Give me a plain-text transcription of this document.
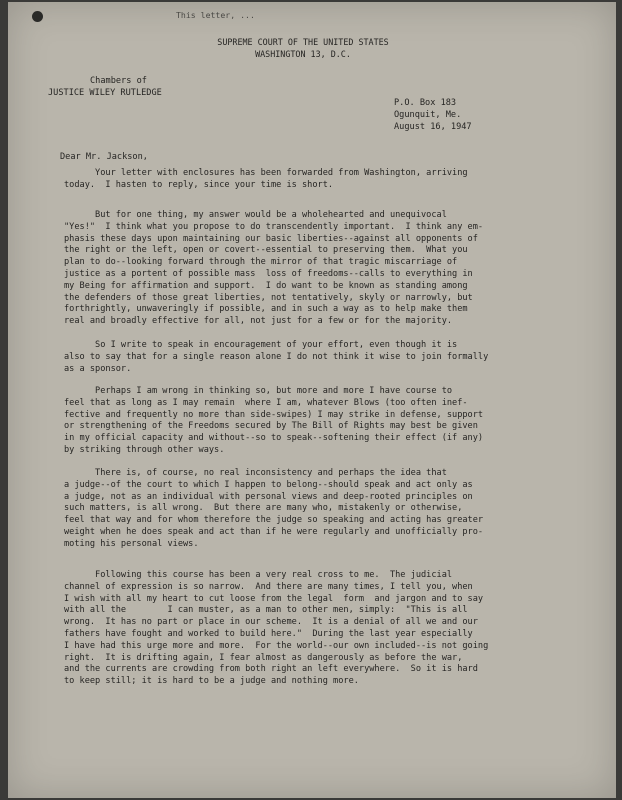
This letter, ...
SUPREME COURT OF THE UNITED STATES
WASHINGTON 13, D.C.
Chambers of
JUSTICE WILEY RUTLEDGE
P.O. Box 183
Ogunquit, Me.
August 16, 1947
Dear Mr. Jackson,
Your letter with enclosures has been forwarded from Washington, arriving
today.  I hasten to reply, since your time is short.
But for one thing, my answer would be a wholehearted and unequivocal
"Yes!"  I think what you propose to do transcendently important.  I think any em-
phasis these days upon maintaining our basic liberties--against all opponents of
the right or the left, open or covert--essential to preserving them.  What you
plan to do--looking forward through the mirror of that tragic miscarriage of
justice as a portent of possible mass  loss of freedoms--calls to everything in
my Being for affirmation and support.  I do want to be known as standing among
the defenders of those great liberties, not tentatively, skyly or narrowly, but
forthrightly, unwaveringly if possible, and in such a way as to help make them
real and broadly effective for all, not just for a few or for the majority.
So I write to speak in encouragement of your effort, even though it is
also to say that for a single reason alone I do not think it wise to join formally
as a sponsor.
Perhaps I am wrong in thinking so, but more and more I have course to
feel that as long as I may remain  where I am, whatever Blows (too often inef-
fective and frequently no more than side-swipes) I may strike in defense, support
or strengthening of the Freedoms secured by The Bill of Rights may best be given
in my official capacity and without--so to speak--softening their effect (if any)
by striking through other ways.
There is, of course, no real inconsistency and perhaps the idea that
a judge--of the court to which I happen to belong--should speak and act only as
a judge, not as an individual with personal views and deep-rooted principles on
such matters, is all wrong.  But there are many who, mistakenly or otherwise,
feel that way and for whom therefore the judge so speaking and acting has greater
weight when he does speak and act than if he were regularly and unofficially pro-
moting his personal views.
Following this course has been a very real cross to me.  The judicial
channel of expression is so narrow.  And there are many times, I tell you, when
I wish with all my heart to cut loose from the legal  form  and jargon and to say
with all the        I can muster, as a man to other men, simply:  "This is all
wrong.  It has no part or place in our scheme.  It is a denial of all we and our
fathers have fought and worked to build here."  During the last year especially
I have had this urge more and more.  For the world--our own included--is not going
right.  It is drifting again, I fear almost as dangerously as before the war,
and the currents are crowding from both right an left everywhere.  So it is hard
to keep still; it is hard to be a judge and nothing more.
